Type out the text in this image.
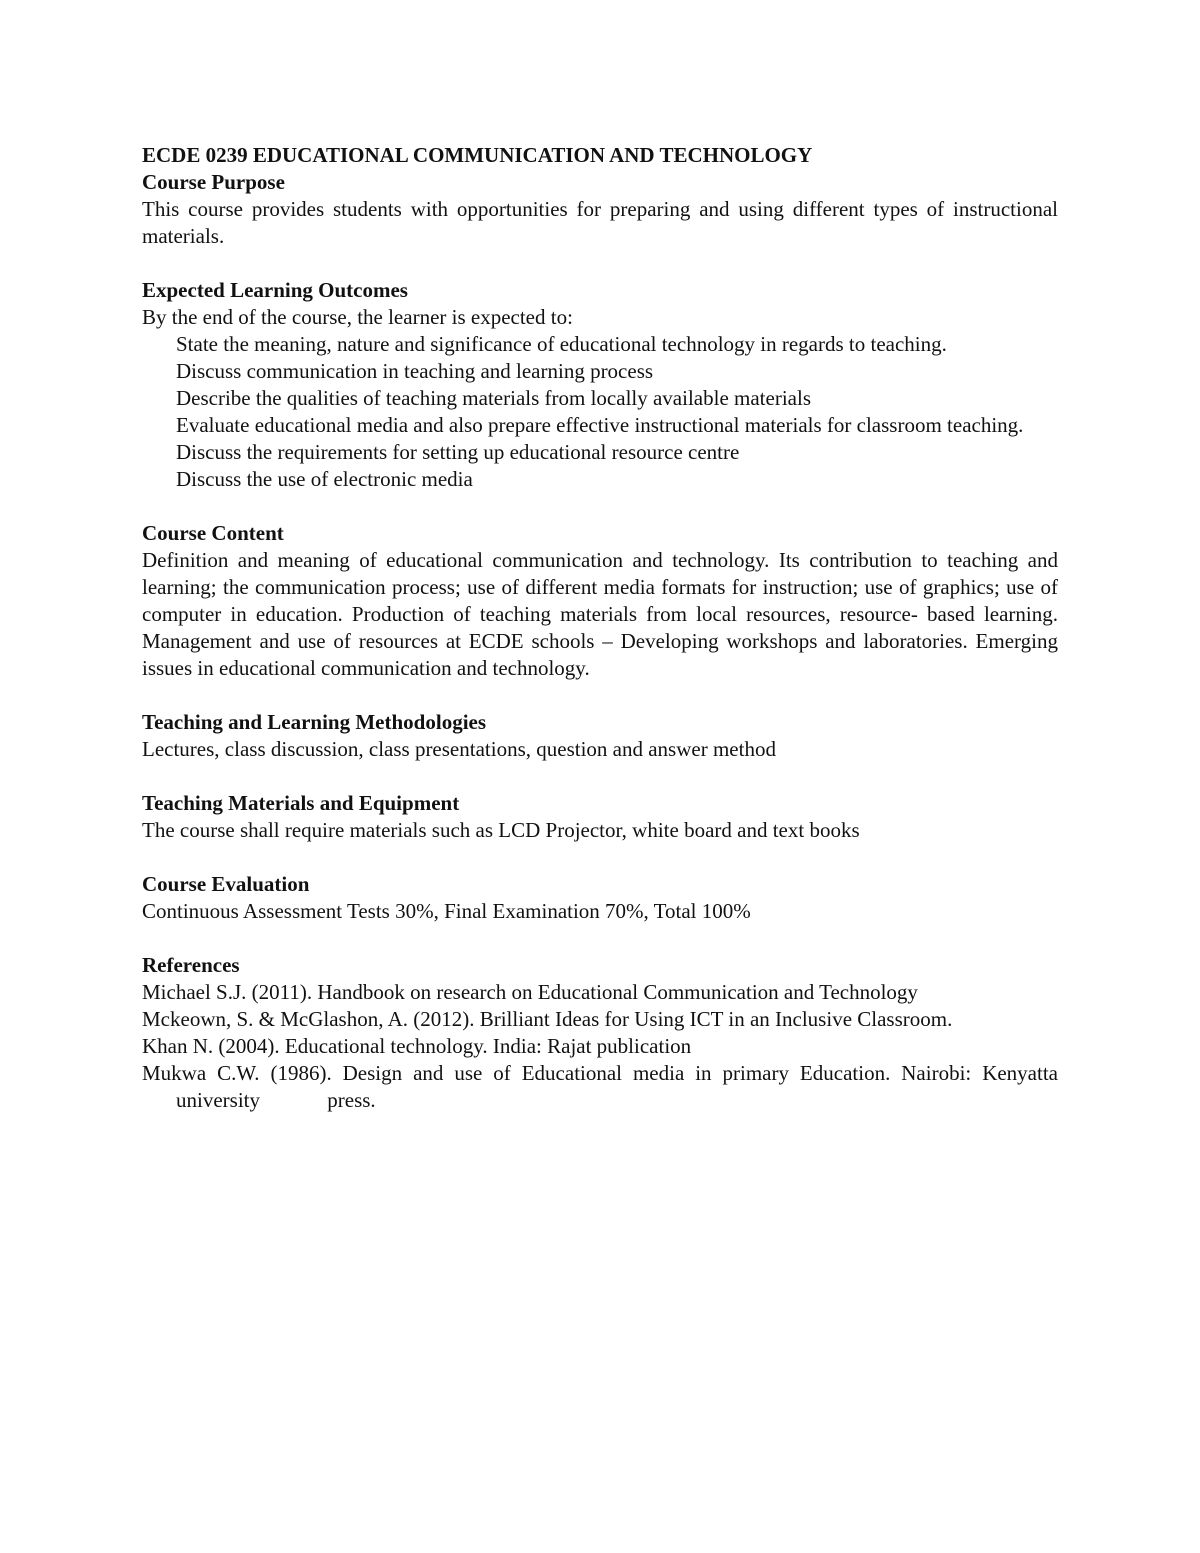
ECDE 0239 EDUCATIONAL COMMUNICATION AND TECHNOLOGY

Course Purpose

This course provides students with opportunities for preparing and using different types of instructional materials.

Expected Learning Outcomes

By the end of the course, the learner is expected to:

State the meaning, nature and significance of educational technology in regards to teaching.
Discuss communication in teaching and learning process
Describe the qualities of teaching materials from locally available materials
Evaluate educational media and also prepare effective instructional materials for classroom teaching.
Discuss the requirements for setting up educational resource centre
Discuss the use of electronic media

Course Content

Definition and meaning of educational communication and technology. Its contribution to teaching and learning; the communication process; use of different media formats for instruction; use of graphics; use of computer in education. Production of teaching materials from local resources, resource- based learning. Management and use of resources at ECDE schools – Developing workshops and laboratories. Emerging issues in educational communication and technology.

Teaching and Learning Methodologies

Lectures, class discussion, class presentations, question and answer method

Teaching Materials and Equipment

The course shall require materials such as LCD Projector, white board and text books

Course Evaluation

Continuous Assessment Tests 30%, Final Examination 70%, Total 100%

References

Michael S.J. (2011). Handbook on research on Educational Communication and Technology
Mckeown, S. & McGlashon, A. (2012). Brilliant Ideas for Using ICT in an Inclusive Classroom.
Khan N. (2004). Educational technology. India: Rajat publication
Mukwa C.W. (1986). Design and use of Educational media in primary Education. Nairobi: Kenyatta university	press.
